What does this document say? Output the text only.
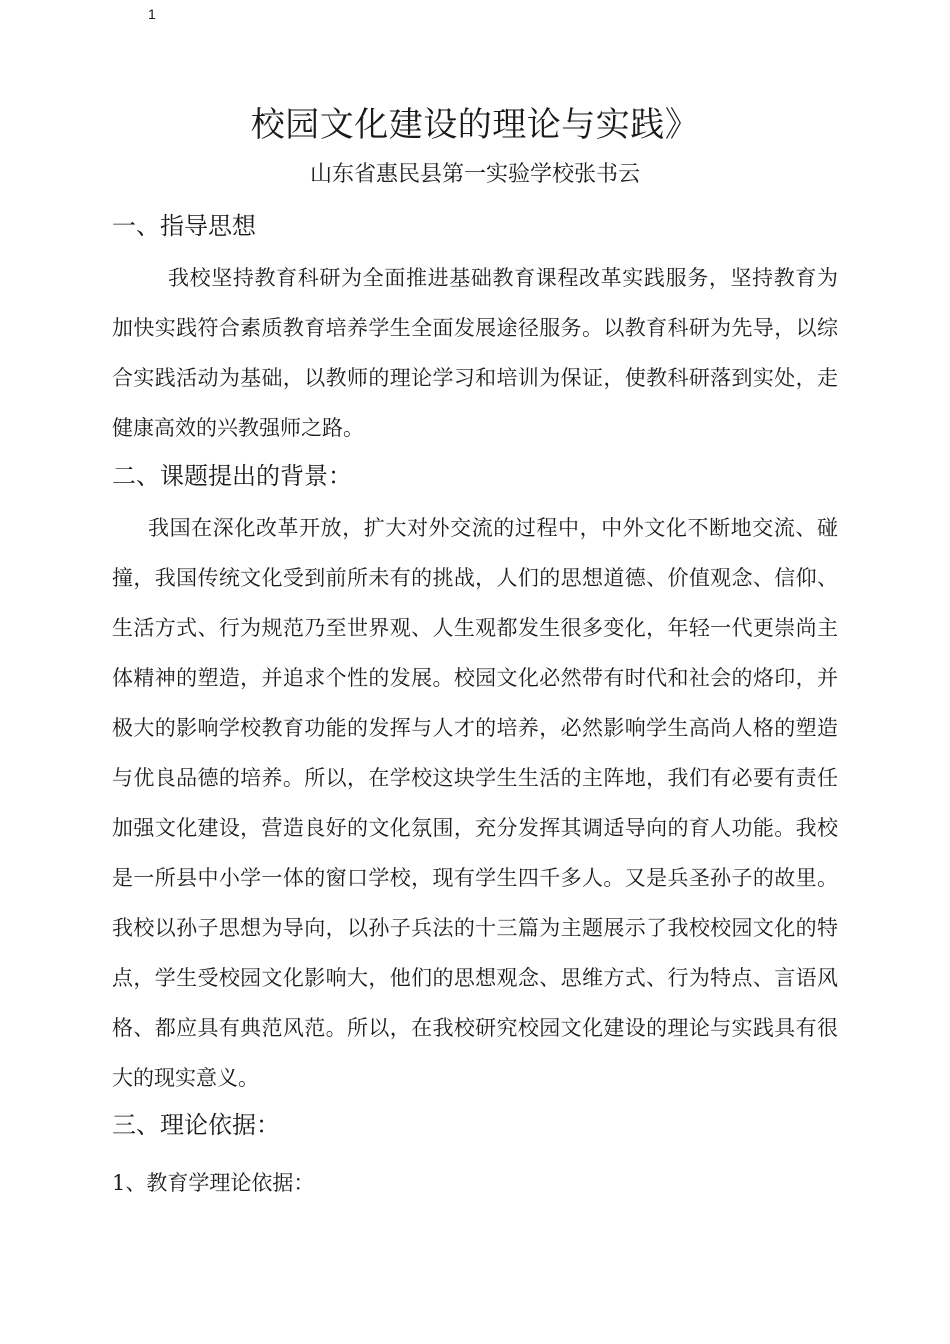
1
校园文化建设的理论与实践》
山东省惠民县第一实验学校张书云
一、指导思想

我校坚持教育科研为全面推进基础教育课程改革实践服务，坚持教育为加快实践符合素质教育培养学生全面发展途径服务。以教育科研为先导，以综合实践活动为基础，以教师的理论学习和培训为保证，使教科研落到实处，走健康高效的兴教强师之路。

二、课题提出的背景：

我国在深化改革开放，扩大对外交流的过程中，中外文化不断地交流、碰撞，我国传统文化受到前所未有的挑战，人们的思想道德、价值观念、信仰、生活方式、行为规范乃至世界观、人生观都发生很多变化，年轻一代更崇尚主体精神的塑造，并追求个性的发展。校园文化必然带有时代和社会的烙印，并极大的影响学校教育功能的发挥与人才的培养，必然影响学生高尚人格的塑造与优良品德的培养。所以，在学校这块学生生活的主阵地，我们有必要有责任加强文化建设，营造良好的文化氛围，充分发挥其调适导向的育人功能。我校是一所县中小学一体的窗口学校，现有学生四千多人。又是兵圣孙子的故里。我校以孙子思想为导向，以孙子兵法的十三篇为主题展示了我校校园文化的特点，学生受校园文化影响大，他们的思想观念、思维方式、行为特点、言语风格、都应具有典范风范。所以，在我校研究校园文化建设的理论与实践具有很大的现实意义。

三、理论依据：
1、教育学理论依据：
